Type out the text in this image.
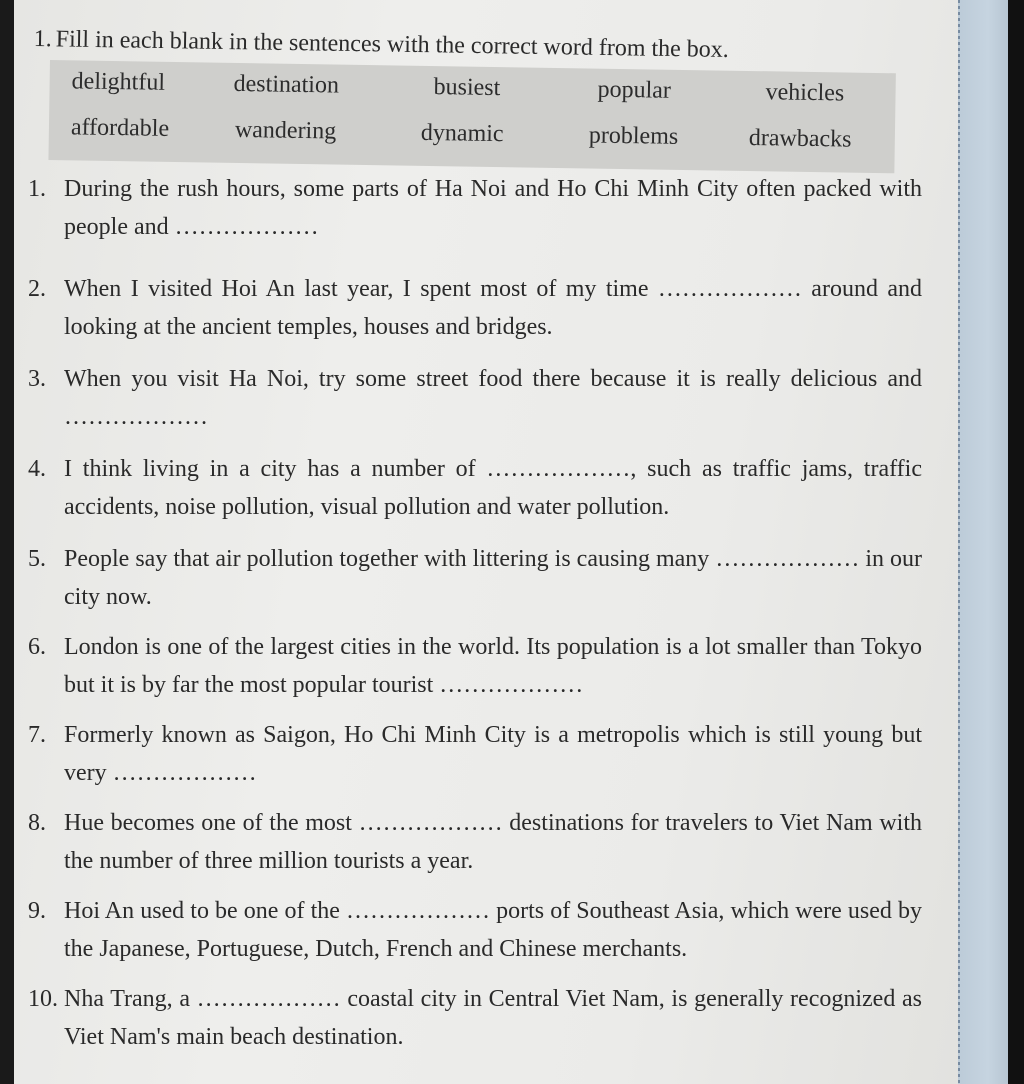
1. Fill in each blank in the sentences with the correct word from the box.
delightful	destination	busiest	popular	vehicles
affordable	wandering	dynamic	problems	drawbacks
1. During the rush hours, some parts of Ha Noi and Ho Chi Minh City often packed with people and ………………
2. When I visited Hoi An last year, I spent most of my time ……………… around and looking at the ancient temples, houses and bridges.
3. When you visit Ha Noi, try some street food there because it is really delicious and ………………
4. I think living in a city has a number of ………………, such as traffic jams, traffic accidents, noise pollution, visual pollution and water pollution.
5. People say that air pollution together with littering is causing many ……………… in our city now.
6. London is one of the largest cities in the world. Its population is a lot smaller than Tokyo but it is by far the most popular tourist ………………
7. Formerly known as Saigon, Ho Chi Minh City is a metropolis which is still young but very ………………
8. Hue becomes one of the most ……………… destinations for travelers to Viet Nam with the number of three million tourists a year.
9. Hoi An used to be one of the ……………… ports of Southeast Asia, which were used by the Japanese, Portuguese, Dutch, French and Chinese merchants.
10. Nha Trang, a ……………… coastal city in Central Viet Nam, is generally recognized as Viet Nam's main beach destination.
